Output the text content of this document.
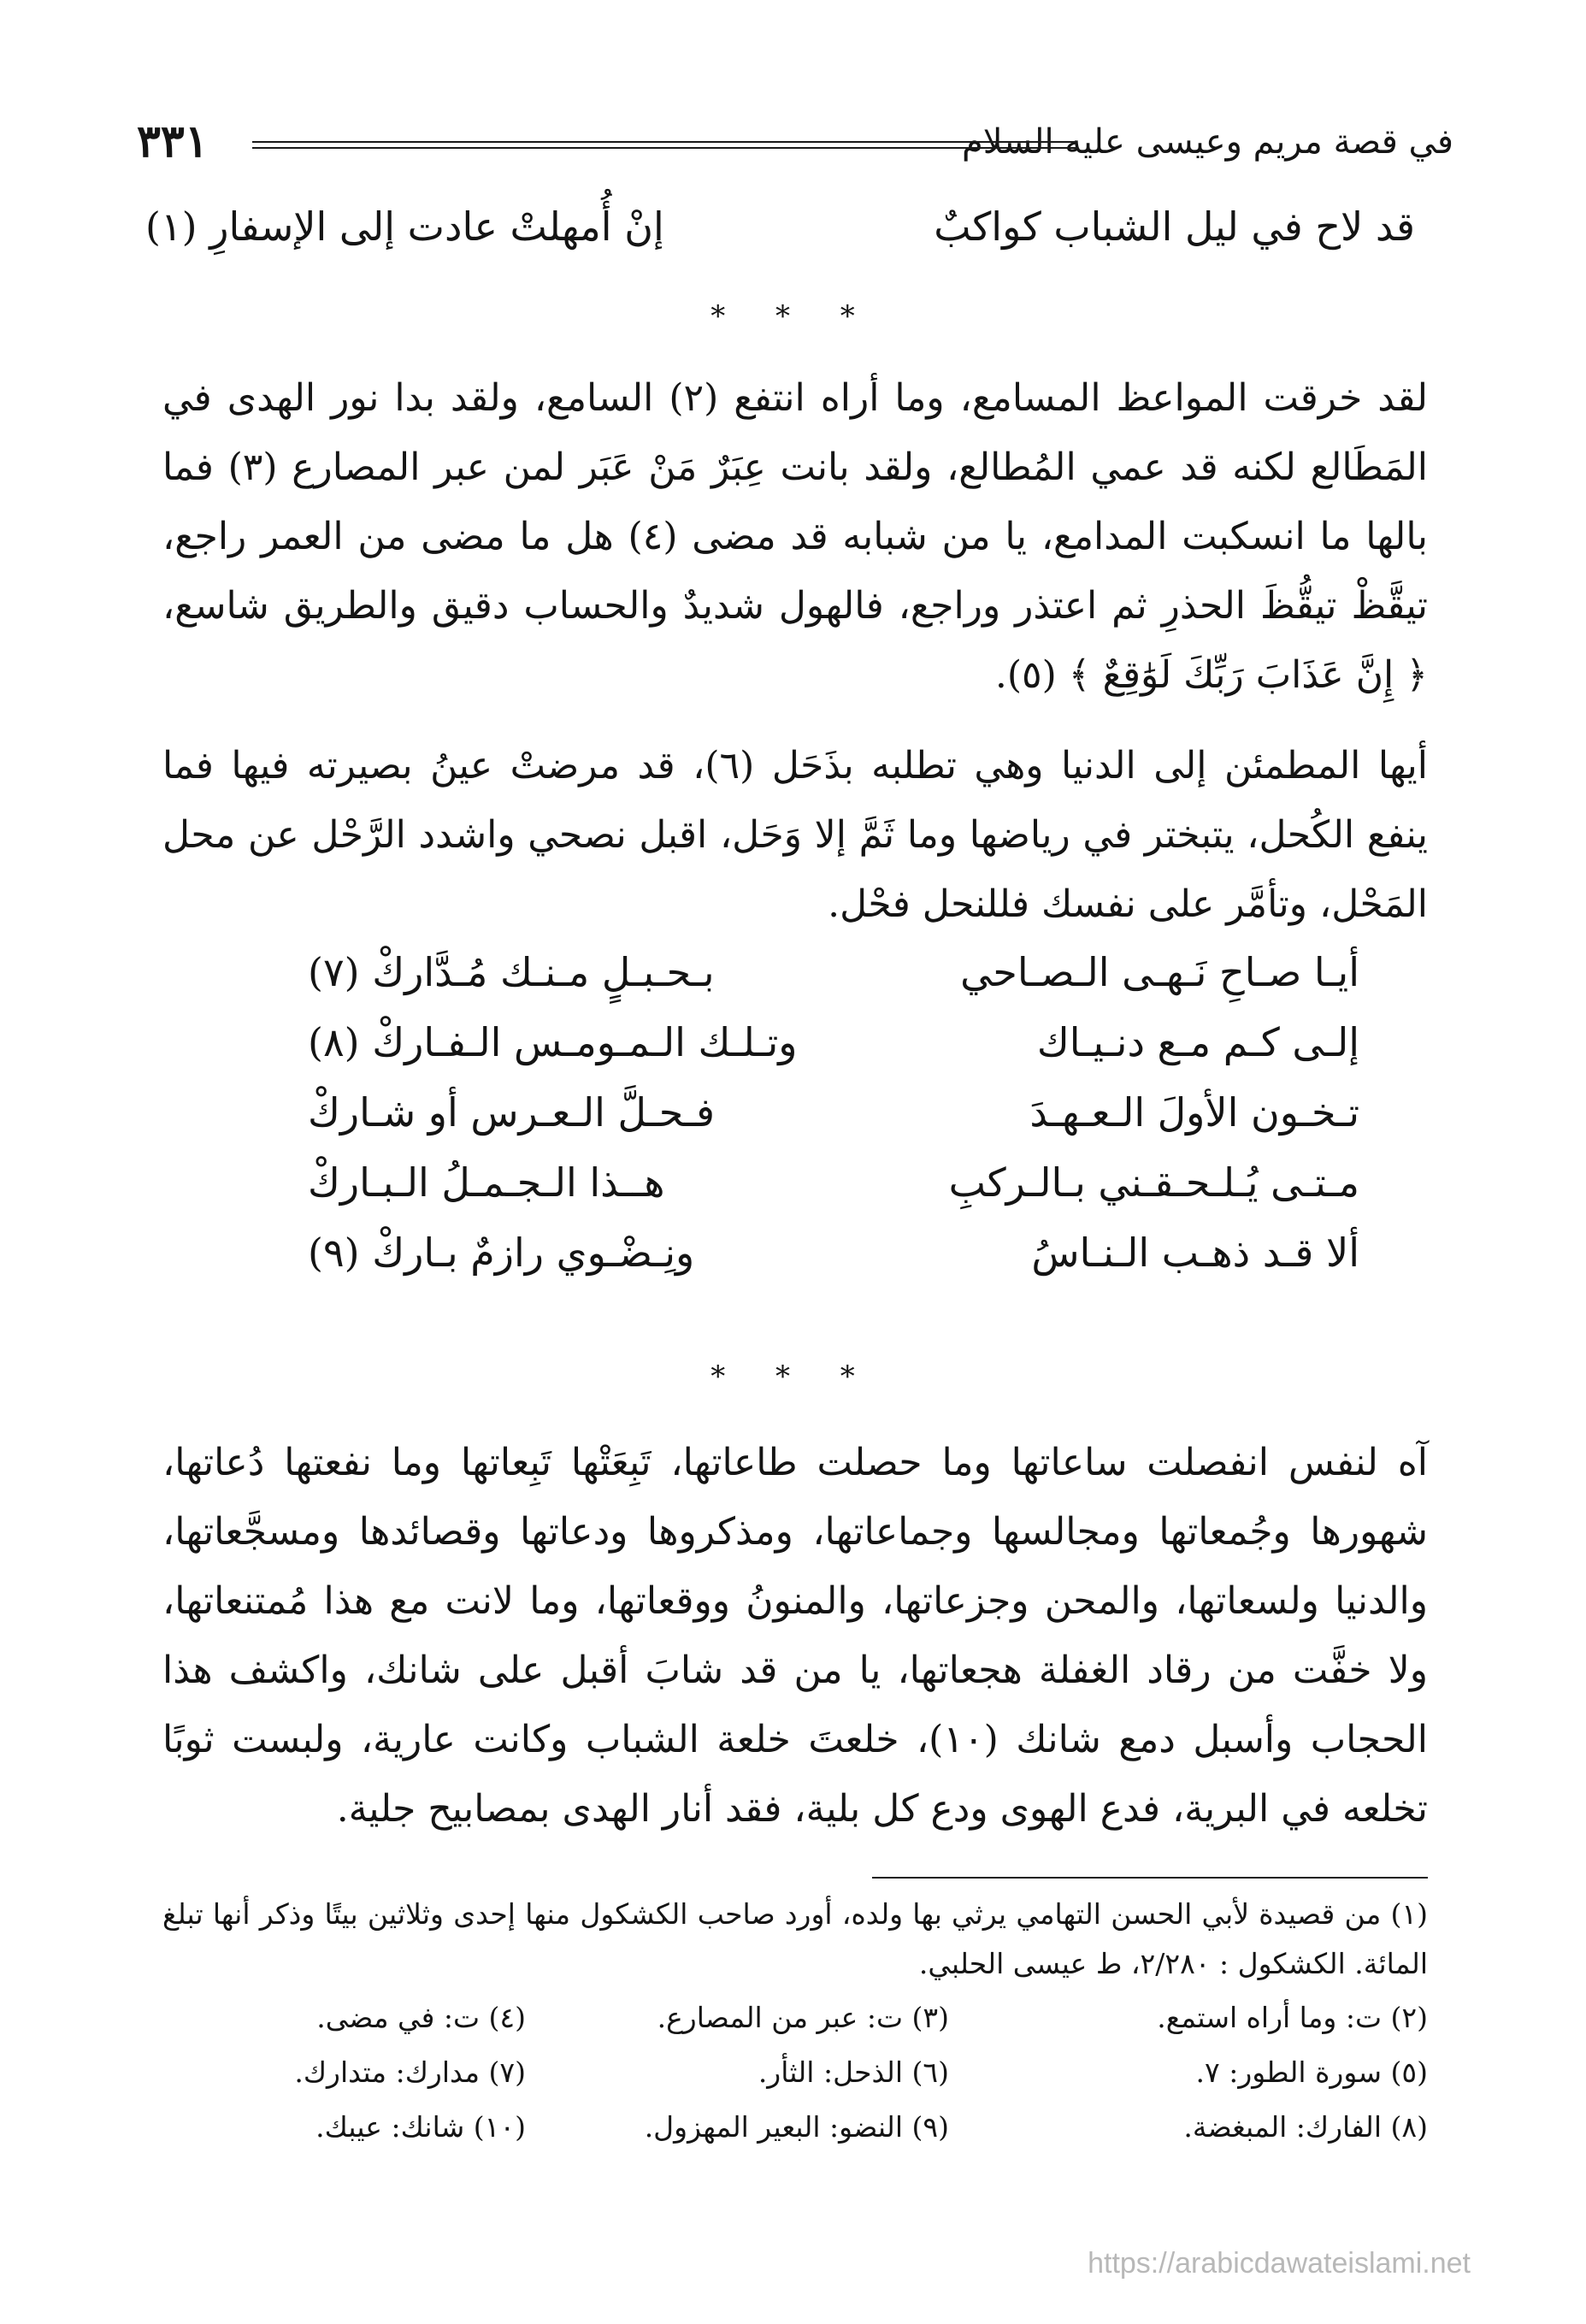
في قصة مريم وعيسى عليه السلام
٣٣١
قد لاح في ليل الشباب كواكبٌ
إنْ أُمهلتْ عادت إلى الإسفارِ (١)
* * *
لقد خرقت المواعظ المسامع، وما أراه انتفع (٢) السامع، ولقد بدا نور الهدى في المَطَالع لكنه قد عمي المُطالع، ولقد بانت عِبَرٌ مَنْ عَبَر لمن عبر المصارع (٣) فما بالها ما انسكبت المدامع، يا من شبابه قد مضى (٤) هل ما مضى من العمر راجع، تيقَّظْ تيقُّظَ الحذرِ ثم اعتذر وراجع، فالهول شديدٌ والحساب دقيق والطريق شاسع، ﴿ إِنَّ عَذَابَ رَبِّكَ لَوَٰقِعٌ ﴾ (٥).
أيها المطمئن إلى الدنيا وهي تطلبه بذَحَل (٦)، قد مرضتْ عينُ بصيرته فيها فما ينفع الكُحل، يتبختر في رياضها وما ثَمَّ إلا وَحَل، اقبل نصحي واشدد الرَّحْل عن محل المَحْل، وتأمَّر على نفسك فللنحل فحْل.
أيـا صـاحِ نَـهـى الـصـاحي
بـحـبـلٍ مـنـك مُـدَّاركْ (٧)
إلـى كـم مـع دنـيـاك
وتـلـك الـمـومـس الـفـاركْ (٨)
تـخـون الأولَ الـعـهـدَ
فـحـلَّ الـعـرس أو شـاركْ
مـتـى يُـلـحـقـني بـالـركبِ
هــذا الـجـمـلُ الـبـاركْ
ألا قـد ذهـب الـنـاسُ
ونِـضْـوي رازمٌ بـاركْ (٩)
* * *
آه لنفس انفصلت ساعاتها وما حصلت طاعاتها، تَبِعَتْها تَبِعاتها وما نفعتها دُعاتها، شهورها وجُمعاتها ومجالسها وجماعاتها، ومذكروها ودعاتها وقصائدها ومسجَّعاتها، والدنيا ولسعاتها، والمحن وجزعاتها، والمنونُ ووقعاتها، وما لانت مع هذا مُمتنعاتها، ولا خفَّت من رقاد الغفلة هجعاتها، يا من قد شابَ أقبل على شانك، واكشف هذا الحجاب وأسبل دمع شانك (١٠)، خلعتَ خلعة الشباب وكانت عارية، ولبست ثوبًا تخلعه في البرية، فدع الهوى ودع كل بلية، فقد أنار الهدى بمصابيح جلية.
(١) من قصيدة لأبي الحسن التهامي يرثي بها ولده، أورد صاحب الكشكول منها إحدى وثلاثين بيتًا وذكر أنها تبلغ المائة. الكشكول : ٢/٢٨٠، ط عيسى الحلبي.
(٢) ت: وما أراه استمع.
(٣) ت: عبر من المصارع.
(٤) ت: في مضى.
(٥) سورة الطور: ٧.
(٦) الذحل: الثأر.
(٧) مدارك: متدارك.
(٨) الفارك: المبغضة.
(٩) النضو: البعير المهزول.
(١٠) شانك: عيبك.
https://arabicdawateislami.net
